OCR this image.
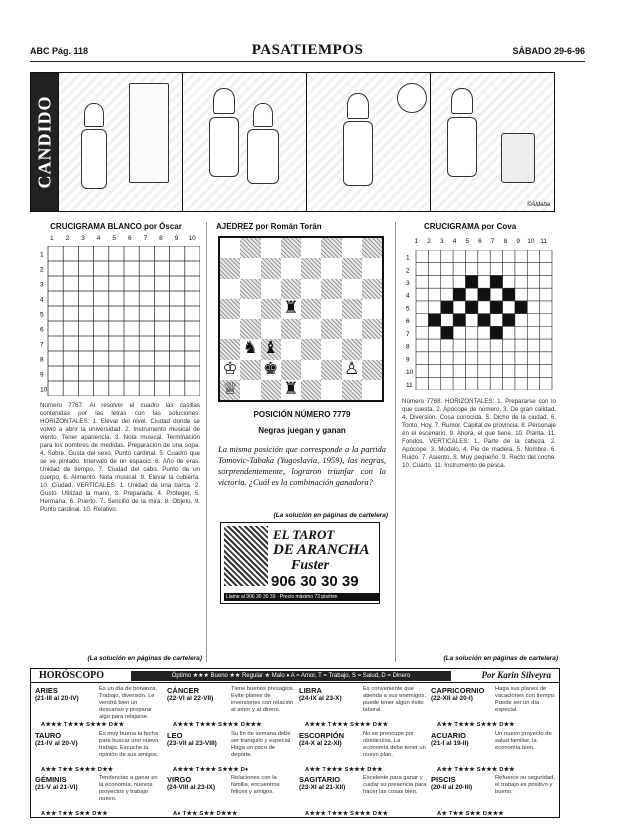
ABC Pág. 118	PASATIEMPOS	SÁBADO 29-6-96
CANDIDO
©Aldaba
CRUCIGRAMA BLANCO por Óscar
1	2	3	4	5	6	7	8	9	10
1
2
3
4
5
6
7
8
9
10
Número 7767. Al resolver el cuadro las casillas contenidas por las letras con las soluciones. HORIZONTALES: 1. Elevar del nivel. Ciudad donde se volvió a abrir la universidad. 2. Instrumento musical de viento. Tener apariencia. 3. Nota musical. Terminación para los nombres de medidas. Preparación de una sopa. 4. Sobre. Gusta del sexo. Punto cardinal. 5. Cuadro que se ve pintado. Intervalo de un espacio. 6. Año de eras. Unidad de tiempo. 7. Ciudad del cabo. Punto de un cuerpo. 8. Alimento. Nota musical. 9. Elevar la cubierta. 10. Ciudad. VERTICALES: 1. Unidad de una barca. 2. Gusto. Utilizad la mano. 3. Preparada. 4. Proteger. 5. Hermana. 6. Puerto. 7. Sencillo de la mira. 8. Objeto. 9. Punto cardinal. 10. Relativo.
(La solución en páginas de cartelera)
AJEDREZ por Román Torán
♜
♞ ♝
♔ ♚	♙
♕	♜
POSICIÓN NÚMERO 7779
Negras juegan y ganan
La misma posición que corresponde a la partida Tomovic-Tabaka (Yugoslavia, 1959), las negras, sorprendentemente, lograron triunfar con la victoria. ¿Cuál es la combinación ganadora?
(La solución en páginas de cartelera)
EL TAROT
DE ARANCHA
Fuster
906 30 30 39
Llame al 906 30 30 39 · Precio máximo 73 pts/min
CRUCIGRAMA por Cova
1	2	3	4	5	6	7	8	9	10 11
1
2
3
4
5
6
7
8
9
10
11
Número 7768. HORIZONTALES: 1. Prepararse con lo que cuesta. 2. Apócope de número. 3. De gran calidad. 4. Diversión. Cosa conocida. 5. Dicho de la ciudad. 6. Tonto. Hoy. 7. Rumor. Capital de provincia. 8. Personaje en el escenario. 9. Ahora, el que tiene. 10. Planta. 11. Fondos. VERTICALES: 1. Parte de la cabeza. 2. Apócope. 3. Modelo. 4. Pie de madera. 5. Nombre. 6. Ruido. 7. Asiento. 8. Muy pequeño. 9. Recto del coche. 10. Cuarto. 11. Instrumento de pesca.
(La solución en páginas de cartelera)
HORÓSCOPO	Óptimo ★★★ Bueno ★★ Regular ★ Malo ♦ A = Amor, T = Trabajo, S = Salud, D = Dinero	Por Karin Silveyra
ARIES
(21-III al 20-IV)
Es un día de bonanza, Trabajo, diversión. Le vendrá bien un descanso y preparar algo para relajarse.
A★★★ T★★★ S★★★ D★★
TAURO
(21-IV al 20-V)
Es muy buena la fecha para buscar uno nuevo trabajo. Escuche la opinión de sus amigos.
A★★ T★★ S★★★ D★★
GÉMINIS
(21-V al 21-VI)
Tendencias a ganar en la economía, nuevos proyectos y trabajo nuevo.
A★★ T★★ S★★ D★★
CÁNCER
(22-VI al 22-VII)
Tiene buenos presagios. Evite planes de inversiones con relación al amor y al dinero.
A★★★ T★★★ S★★★ D★★★
LEO
(23-VII al 23-VIII)
Su fin de semana debe ser tranquilo y especial. Haga un poco de deporte.
A★★★ T★★★ S★★★ D♦
VIRGO
(24-VIII al 23-IX)
Relaciones con la familia, encuentros felices y amigos.
A♦ T★★ S★★ D★★★
LIBRA
(24-IX al 23-X)
Es conveniente que atienda a sus enemigos, puede tener algún éxito laboral.
A★★★ T★★★ S★★★ D★★
ESCORPIÓN
(24-X al 22-XI)
No se preocupe por obstáculos. La economía debe tener un nuevo plan.
A★★ T★★★ S★★★ D★★
SAGITARIO
(23-XI al 21-XII)
Excelente para ganar y cuidar su presencia para hacer las cosas bien.
A★★★ T★★★ S★★★ D★★
CAPRICORNIO
(22-XII al 20-I)
Haga sus planes de vacaciones con tiempo. Puede ser un día especial.
A★★ T★★★ S★★★ D★★
ACUARIO
(21-I al 19-II)
Un nuevo proyecto de salud familiar, la economía bien.
A★★ T★★★ S★★★ D★★
PISCIS
(20-II al 20-III)
Refuerce su seguridad, el trabajo es positivo y bueno.
A★ T★★ S★★ D★★★
